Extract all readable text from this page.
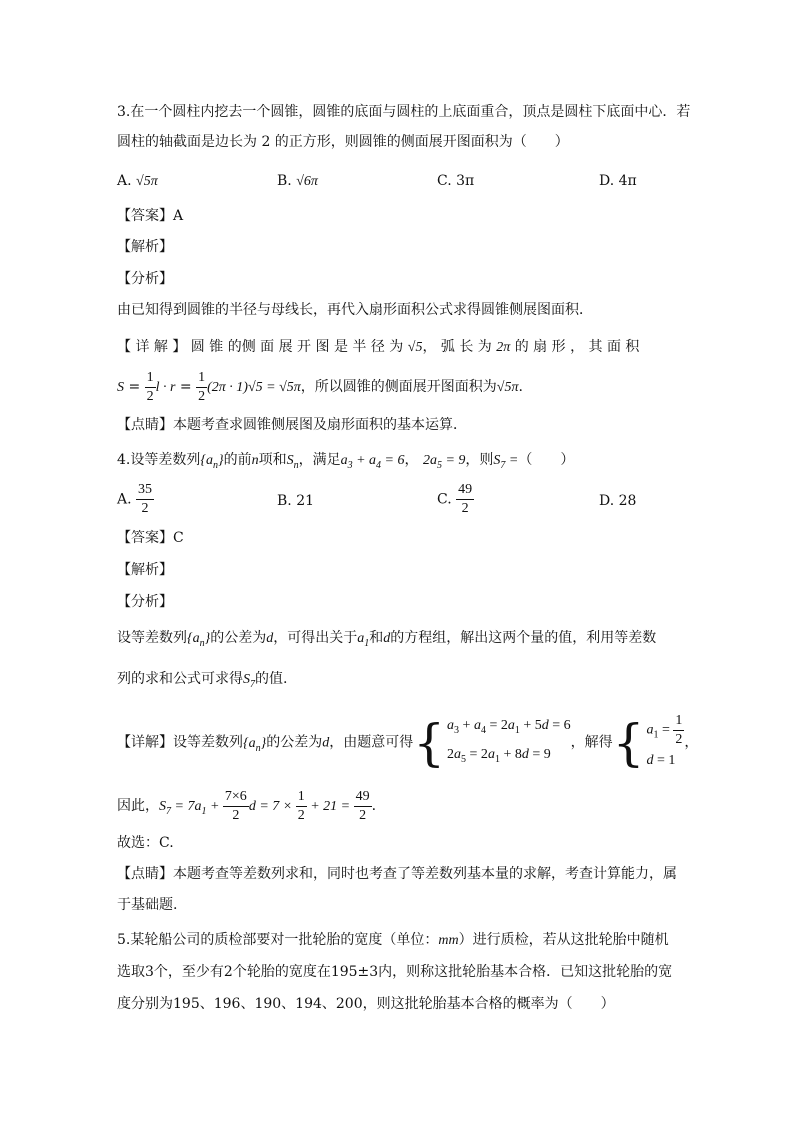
3.在一个圆柱内挖去一个圆锥，圆锥的底面与圆柱的上底面重合，顶点是圆柱下底面中心．若
圆柱的轴截面是边长为 2 的正方形，则圆锥的侧面展开图面积为（　　）
A. √5π	B. √6π	C. 3π	D. 4π
【答案】A
【解析】
【分析】
由已知得到圆锥的半径与母线长，再代入扇形面积公式求得圆锥侧展图面积．
【 详 解 】 圆 锥 的侧 面 展 开 图 是 半 径 为 √5， 弧 长 为 2π 的 扇 形 ， 其 面 积
$S = \frac{1}{2}$ $l \cdot r = \frac{1}{2} (2\pi \cdot 1)√5 = √5\pi$，所以圆锥的侧面展开图面积为√5π.
【点睛】本题考查求圆锥侧展图及扇形面积的基本运算．
4.设等差数列$\{a_n\}$的前n项和$S_n$，满足$a_3 + a_4 = 6$， $2a_5 = 9$，则$S_7$ =（　　）
A. $\frac{35}{2}$	B. 21	C. $\frac{49}{2}$	D. 28
【答案】C
【解析】
【分析】
设等差数列$\{a_n\}$的公差为d，可得出关于$a_1$和d的方程组，解出这两个量的值，利用等差数
列的求和公式可求得$S_7$的值.
【详解】设等差数列$\{a_n\}$的公差为d，由题意可得 { $a_3 + a_4 = 2a_1 + 5d = 6$
$2a_5 = 2a_1 + 8d = 9$
，解得 { $a_1 = \frac{1}{2}$
d = 1
，
因此，$S_7 = 7a_1 + \frac{7\times 6}{2}$ $d = 7 \times \frac{1}{2} + 21 = \frac{49}{2}$ .
故选：C.
【点睛】本题考查等差数列求和，同时也考查了等差数列基本量的求解，考查计算能力，属
于基础题.
5.某轮船公司的质检部要对一批轮胎的宽度（单位：mm）进行质检，若从这批轮胎中随机
选取3个，至少有2个轮胎的宽度在195±3内，则称这批轮胎基本合格．已知这批轮胎的宽
度分别为195、196、190、194、200，则这批轮胎基本合格的概率为（　　）
